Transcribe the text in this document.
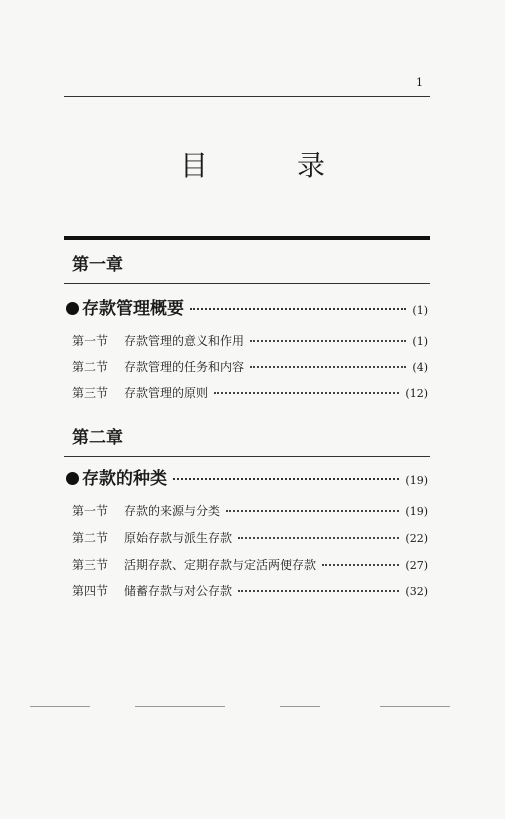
1
目 录
第一章
存款管理概要	(1)
第一节	存款管理的意义和作用	(1)
第二节	存款管理的任务和内容	(4)
第三节	存款管理的原则	(12)
第二章
存款的种类	(19)
第一节	存款的来源与分类	(19)
第二节	原始存款与派生存款	(22)
第三节	活期存款、定期存款与定活两便存款	(27)
第四节	储蓄存款与对公存款	(32)
